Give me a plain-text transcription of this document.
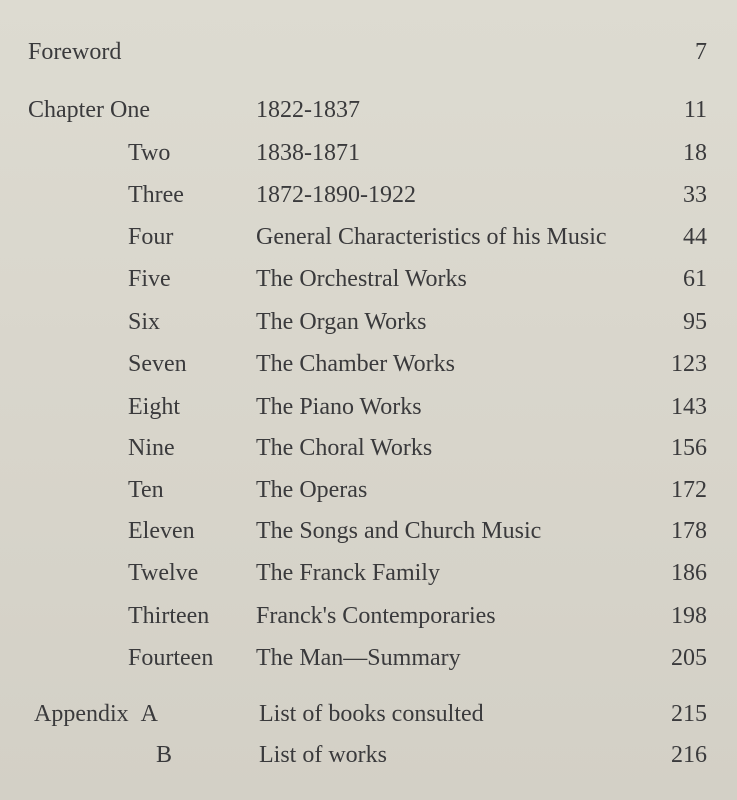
Foreword	7
Chapter One	1822-1837	11
Two	1838-1871	18
Three	1872-1890-1922	33
Four	General Characteristics of his Music	44
Five	The Orchestral Works	61
Six	The Organ Works	95
Seven	The Chamber Works	123
Eight	The Piano Works	143
Nine	The Choral Works	156
Ten	The Operas	172
Eleven	The Songs and Church Music	178
Twelve The Franck Family	186
Thirteen Franck's Contemporaries	198
Fourteen The Man—Summary	205
Appendix A	List of books consulted	215
B	List of works	216
